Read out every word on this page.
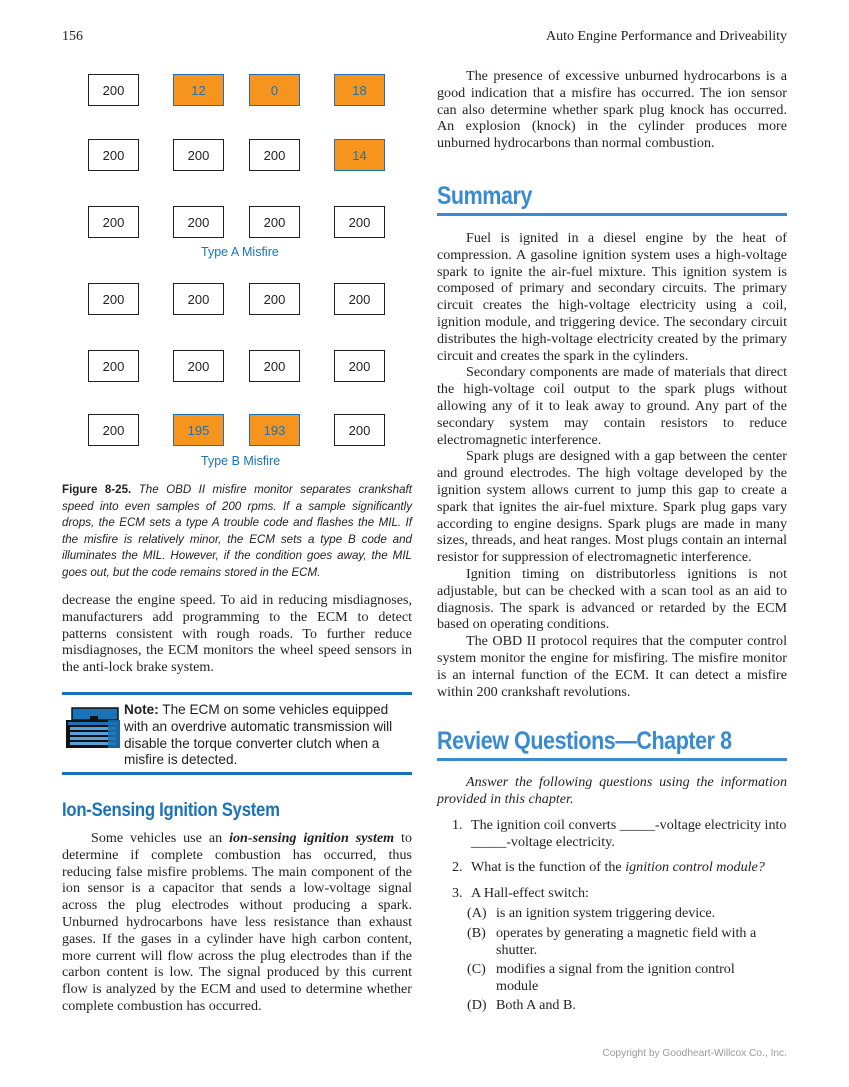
156	Auto Engine Performance and Driveability
Type A Misfire
Type B Misfire
Figure 8-25. The OBD II misfire monitor separates crankshaft speed into even samples of 200 rpms. If a sample significantly drops, the ECM sets a type A trouble code and flashes the MIL. If the misfire is relatively minor, the ECM sets a type B code and illuminates the MIL. However, if the condition goes away, the MIL goes out, but the code remains stored in the ECM.

decrease the engine speed. To aid in reducing misdiagnoses, manufacturers add programming to the ECM to detect patterns consistent with rough roads. To further reduce misdiagnoses, the ECM monitors the wheel speed sensors in the anti-lock brake system.

Note: The ECM on some vehicles equipped with an overdrive automatic transmission will disable the torque converter clutch when a misfire is detected.
Ion-Sensing Ignition System

Some vehicles use an ion-sensing ignition system to determine if complete combustion has occurred, thus reducing false misfire problems. The main component of the ion sensor is a capacitor that sends a low-voltage signal across the plug electrodes without producing a spark. Unburned hydrocarbons have less resistance than exhaust gases. If the gases in a cylinder have high carbon content, more current will flow across the plug electrodes than if the carbon content is low. The signal produced by this current flow is analyzed by the ECM and used to determine whether complete combustion has occurred.

The presence of excessive unburned hydrocarbons is a good indication that a misfire has occurred. The ion sensor can also determine whether spark plug knock has occurred. An explosion (knock) in the cylinder produces more unburned hydrocarbons than normal combustion.

Summary

Fuel is ignited in a diesel engine by the heat of compression. A gasoline ignition system uses a high-voltage spark to ignite the air-fuel mixture. This ignition system is composed of primary and secondary circuits. The primary circuit creates the high-voltage electricity using a coil, ignition module, and triggering device. The secondary circuit distributes the high-voltage electricity created by the primary circuit and creates the spark in the cylinders.

Secondary components are made of materials that direct the high-voltage coil output to the spark plugs without allowing any of it to leak away to ground. Any part of the secondary system may contain resistors to reduce electromagnetic interference.

Spark plugs are designed with a gap between the center and ground electrodes. The high voltage developed by the ignition system allows current to jump this gap to create a spark that ignites the air-fuel mixture. Spark plug gaps vary according to engine designs. Spark plugs are made in many sizes, threads, and heat ranges. Most plugs contain an internal resistor for suppression of electromagnetic interference.

Ignition timing on distributorless ignitions is not adjustable, but can be checked with a scan tool as an aid to diagnosis. The spark is advanced or retarded by the ECM based on operating conditions.

The OBD II protocol requires that the computer control system monitor the engine for misfiring. The misfire monitor is an internal function of the ECM. It can detect a misfire within 200 crankshaft revolutions.

Review Questions—Chapter 8

Answer the following questions using the information provided in this chapter.

1. The ignition coil converts _____-voltage electricity into
_____-voltage electricity.
2. What is the function of the ignition control module?
3. A Hall-effect switch:
(A) is an ignition system triggering device.
(B) operates by generating a magnetic field with a shutter.
(C) modifies a signal from the ignition control module
(D) Both A and B.
Copyright by Goodheart-Willcox Co., Inc.
200	12	0	18
200	200	200	14
200	200	200	200
200	200	200	200
200	200	200	200
200	195	193	200
